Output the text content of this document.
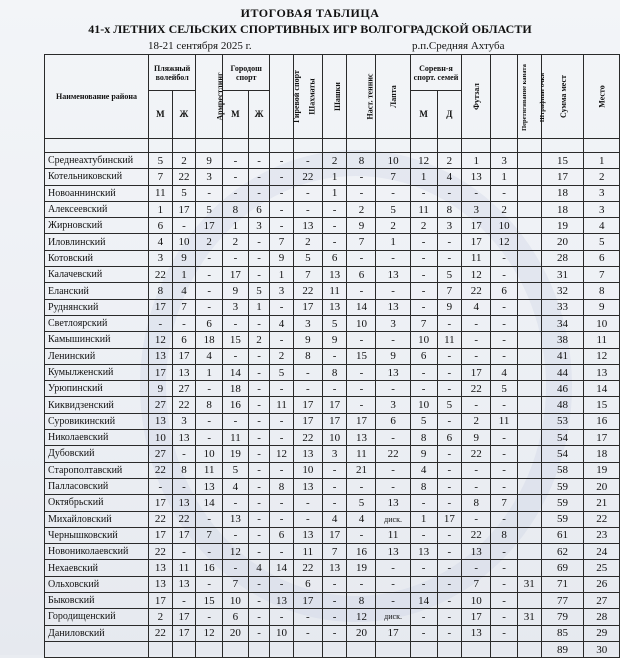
ИТОГОВАЯ ТАБЛИЦА
41-х ЛЕТНИХ СЕЛЬСКИХ СПОРТИВНЫХ ИГР ВОЛГОГРАДСКОЙ ОБЛАСТИ
18-21 сентября 2025 г.	р.п.Средняя Ахтуба
Наименование района	Пляжный волейбол		Армрестлинг	Городош спорт		Гиревой спорт	Шахматы	Шашки	Наст. теннис	Лапта	Соревн-я спорт. семей		Футзал	Перетягивание каната	Штрафные очки	Сумма мест	Место
	М	Ж		М	Ж						М	Д					

Среднеахтубинский	5	2	9	-	-	-	-	2	8	10	12	2	1	3		15	1
Котельниковский	7	22	3	-	-	-	22	1	-	7	1	4	13	1		17	2
Новоаннинский	11	5	-	-	-	-	-	1	-	-	-	-	-	-		18	3
Алексеевский	1	17	5	8	6	-	-	-	2	5	11	8	3	2		18	3
Жирновский	6	-	17	1	3	-	13	-	9	2	2	3	17	10		19	4
Иловлинский	4	10	2	2	-	7	2	-	7	1	-	-	17	12		20	5
Котовский	3	9	-	-	-	9	5	6	-	-	-	-	11	-		28	6
Калачевский	22	1	-	17	-	1	7	13	6	13	-	5	12	-		31	7
Еланский	8	4	-	9	5	3	22	11	-	-	-	7	22	6		32	8
Руднянский	17	7	-	3	1	-	17	13	14	13	-	9	4	-		33	9
Светлоярский	-	-	6	-	-	4	3	5	10	3	7	-	-	-		34	10
Камышинский	12	6	18	15	2	-	9	9	-	-	10	11	-	-		38	11
Ленинский	13	17	4	-	-	2	8	-	15	9	6	-	-	-		41	12
Кумылженский	17	13	1	14	-	5	-	8	-	13	-	-	17	4		44	13
Урюпинский	9	27	-	18	-	-	-	-	-	-	-	-	22	5		46	14
Киквидзенский	27	22	8	16	-	11	17	17	-	3	10	5	-	-		48	15
Суровикинский	13	3	-	-	-	-	17	17	17	6	5	-	2	11		53	16
Николаевский	10	13	-	11	-	-	22	10	13	-	8	6	9	-		54	17
Дубовский	27	-	10	19	-	12	13	3	11	22	9	-	22	-		54	18
Старополтавский	22	8	11	5	-	-	10	-	21	-	4	-	-	-		58	19
Палласовский	-	-	13	4	-	8	13	-	-	-	8	-	-	-		59	20
Октябрьский	17	13	14	-	-	-	-	-	5	13	-	-	8	7		59	21
Михайловский	22	22	-	13	-	-	-	4	4	диск.	1	17	-	-		59	22
Чернышковский	17	17	7	-	-	6	13	17	-	11	-	-	22	8		61	23
Новониколаевский	22	-	-	12	-	-	11	7	16	13	13	-	13	-		62	24
Нехаевский	13	11	16	-	4	14	22	13	19	-	-	-	-	-		69	25
Ольховский	13	13	-	7	-	-	6	-	-	-	-	-	7	-	31	71	26
Быковский	17	-	15	10	-	13	17	-	8	-	14	-	10	-		77	27
Городищенский	2	17	-	6	-	-	-	-	12	диск.	-	-	17	-	31	79	28
Даниловский	22	17	12	20	-	10	-	-	20	17	-	-	13	-		85	29
																89	30
